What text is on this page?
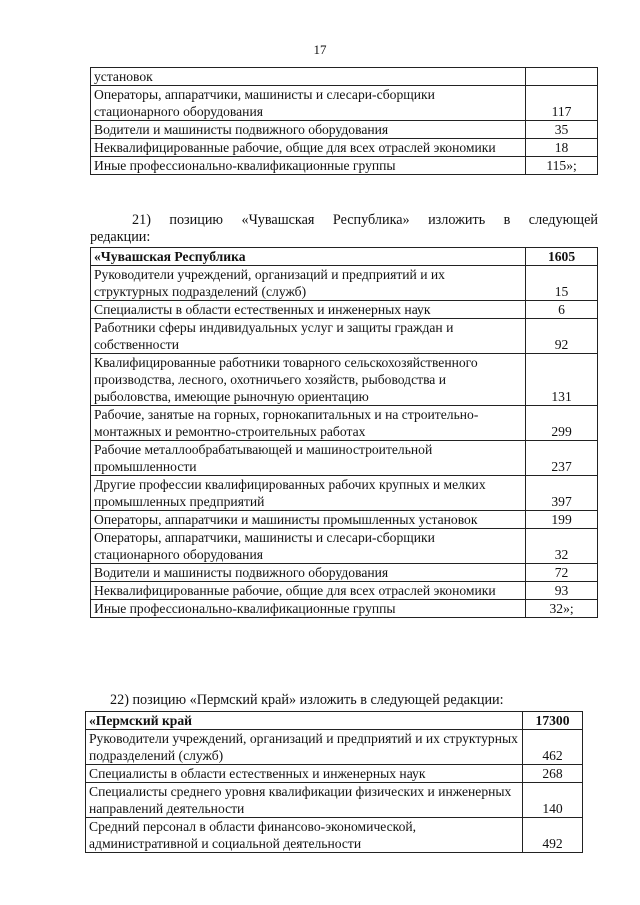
17
установок	
Операторы, аппаратчики, машинисты и слесари-сборщики стационарного оборудования	117
Водители и машинисты подвижного оборудования	35
Неквалифицированные рабочие, общие для всех отраслей экономики	18
Иные профессионально-квалификационные группы	115»;
21) позицию «Чувашская Республика» изложить в следующей
редакции:
«Чувашская Республика	1605
Руководители учреждений, организаций и предприятий и их структурных подразделений (служб)	15
Специалисты в области естественных и инженерных наук	6
Работники сферы индивидуальных услуг и защиты граждан и собственности	92
Квалифицированные работники товарного сельскохозяйственного производства, лесного, охотничьего хозяйств, рыбоводства и рыболовства, имеющие рыночную ориентацию	131
Рабочие, занятые на горных, горнокапитальных и на строительно-монтажных и ремонтно-строительных работах	299
Рабочие металлообрабатывающей и машиностроительной промышленности	237
Другие профессии квалифицированных рабочих крупных и мелких промышленных предприятий	397
Операторы, аппаратчики и машинисты промышленных установок	199
Операторы, аппаратчики, машинисты и слесари-сборщики стационарного оборудования	32
Водители и машинисты подвижного оборудования	72
Неквалифицированные рабочие, общие для всех отраслей экономики	93
Иные профессионально-квалификационные группы	32»;
22) позицию «Пермский край» изложить в следующей редакции:
«Пермский край	17300
Руководители учреждений, организаций и предприятий и их структурных подразделений (служб)	462
Специалисты в области естественных и инженерных наук	268
Специалисты среднего уровня квалификации физических и инженерных направлений деятельности	140
Средний персонал в области финансово-экономической, административной и социальной деятельности	492
